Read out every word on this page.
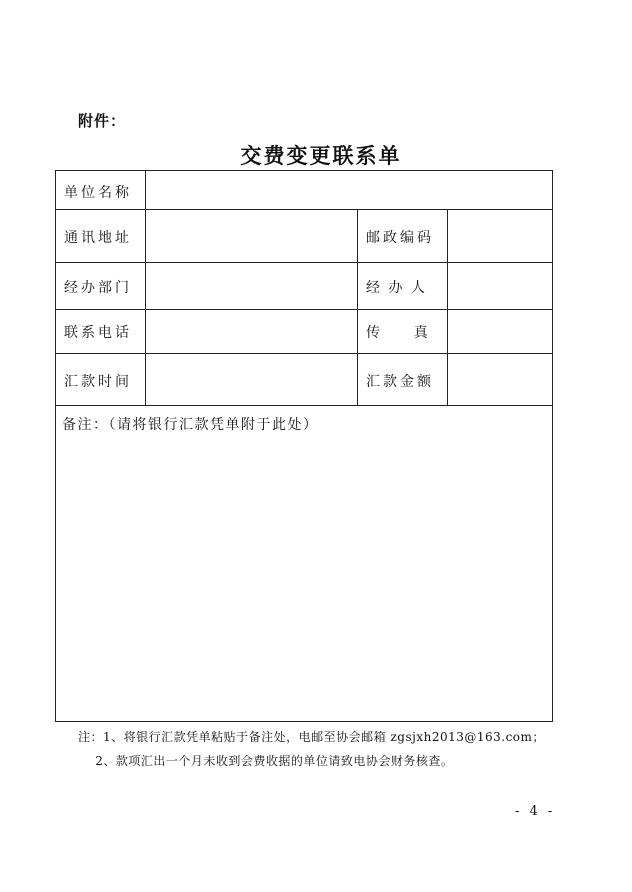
附件：
交费变更联系单
单位名称
通讯地址	邮政编码
经办部门	经 办 人
联系电话	传      真
汇款时间	汇款金额
备注：（请将银行汇款凭单附于此处）
注：1、将银行汇款凭单粘贴于备注处，电邮至协会邮箱 zgsjxh2013@163.com；
2、款项汇出一个月未收到会费收据的单位请致电协会财务核查。
- 4 -
